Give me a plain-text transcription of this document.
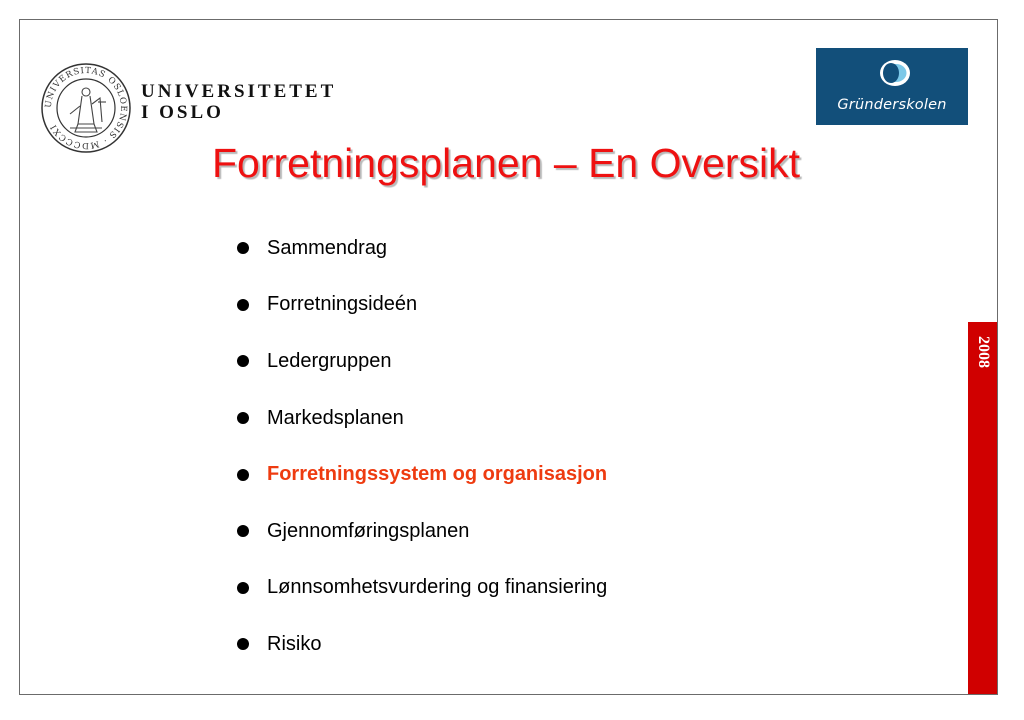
UNIVERSITAS OSLOENSIS · MDCCCXI
UNIVERSITETET
I OSLO	Gründerskolen
Forretningsplanen – En Oversikt
Sammendrag
Forretningsideén
Ledergruppen
Markedsplanen
Forretningssystem og organisasjon
Gjennomføringsplanen
Lønnsomhetsvurdering og finansiering
Risiko
2008
